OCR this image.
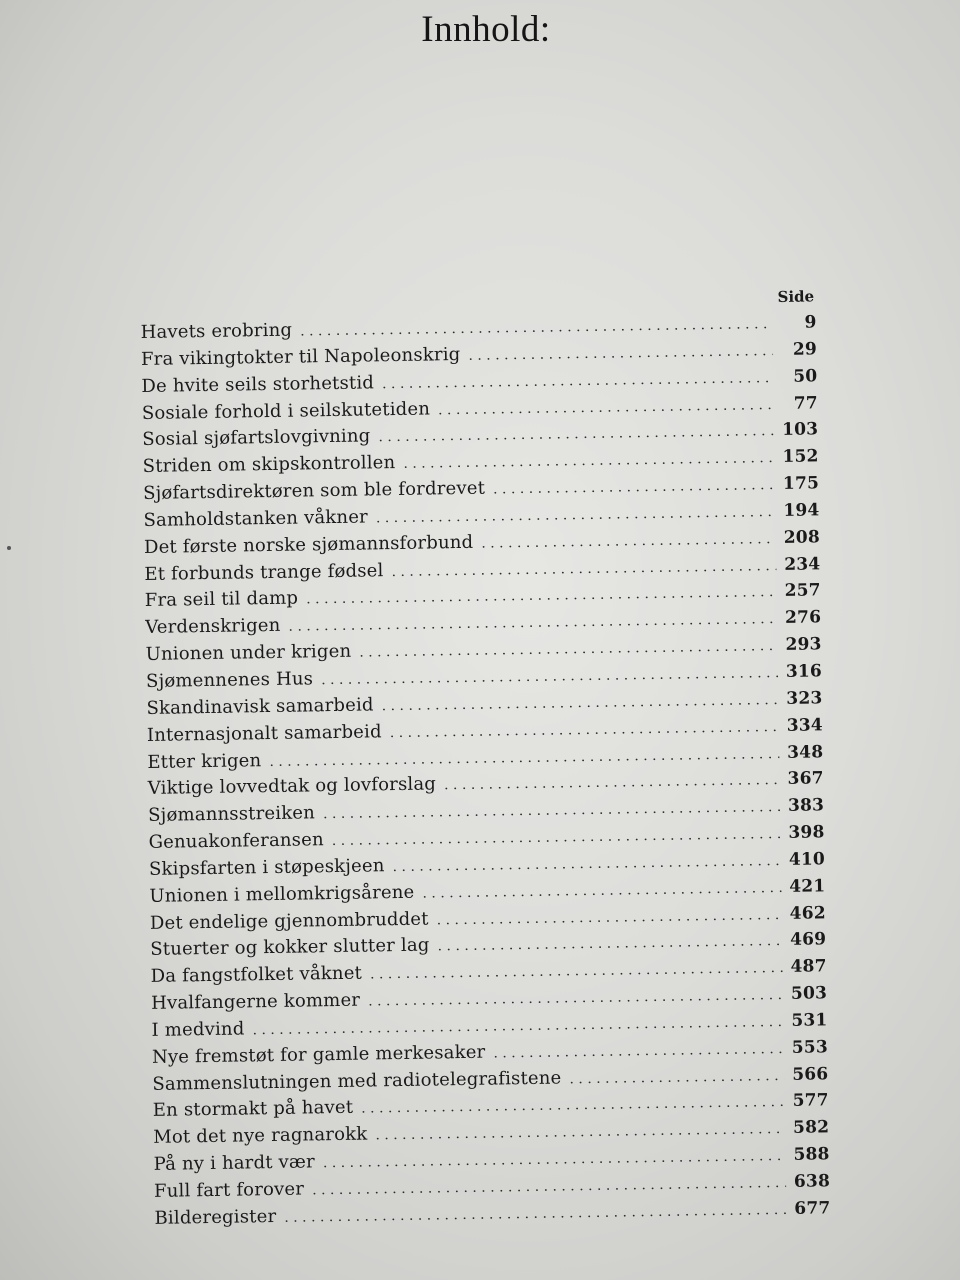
Innhold:
Side
Havets erobring . . .	9
Fra vikingtokter til Napoleonskrig . . .	29
De hvite seils storhetstid . . .	50
Sosiale forhold i seilskutetiden . . .	77
Sosial sjøfartslovgivning . . .	103
Striden om skipskontrollen . . .	152
Sjøfartsdirektøren som ble fordrevet . . .	175
Samholdstanken våkner . . .	194
Det første norske sjømannsforbund . . .	208
Et forbunds trange fødsel . . .	234
Fra seil til damp . . .	257
Verdenskrigen . . .	276
Unionen under krigen . . .	293
Sjømennenes Hus . . .	316
Skandinavisk samarbeid . . .	323
Internasjonalt samarbeid . . .	334
Etter krigen . . .	348
Viktige lovvedtak og lovforslag . . .	367
Sjømannsstreiken . . .	383
Genuakonferansen . . .	398
Skipsfarten i støpeskjeen . . .	410
Unionen i mellomkrigsårene . . .	421
Det endelige gjennombruddet . . .	462
Stuerter og kokker slutter lag . . .	469
Da fangstfolket våknet . . .	487
Hvalfangerne kommer . . .	503
I medvind . . .	531
Nye fremstøt for gamle merkesaker . . .	553
Sammenslutningen med radiotelegrafistene . . .	566
En stormakt på havet . . .	577
Mot det nye ragnarokk . . .	582
På ny i hardt vær . . .	588
Full fart forover . . .	638
Bilderegister . . .	677
